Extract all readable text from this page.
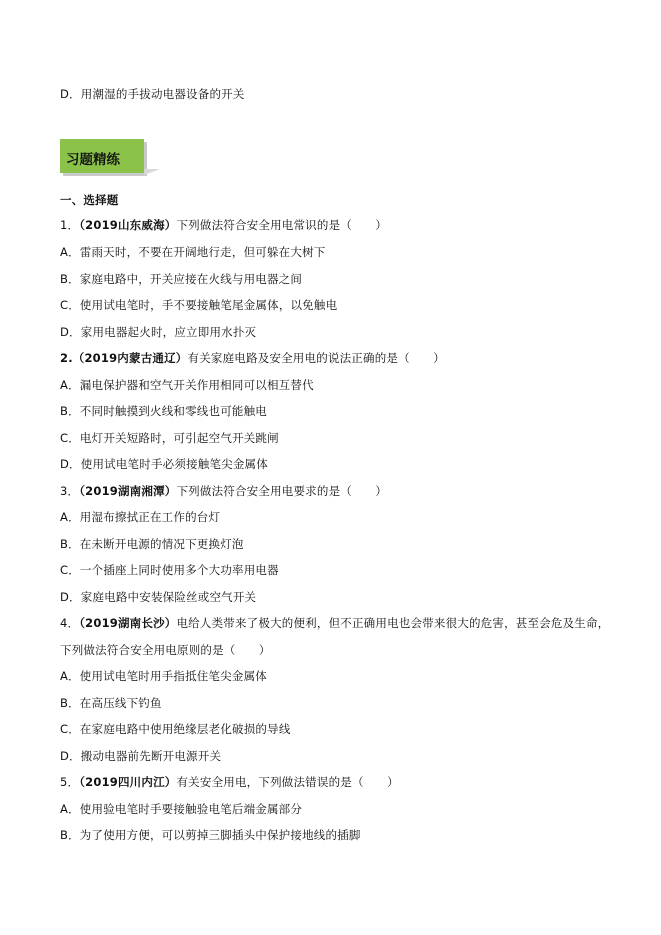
D．用潮湿的手拔动电器设备的开关
习题精练
一、选择题
1．（2019山东威海）下列做法符合安全用电常识的是（　　）
A．雷雨天时，不要在开阔地行走，但可躲在大树下
B．家庭电路中，开关应接在火线与用电器之间
C．使用试电笔时，手不要接触笔尾金属体，以免触电
D．家用电器起火时，应立即用水扑灭
2.（2019内蒙古通辽）有关家庭电路及安全用电的说法正确的是（　　）
A．漏电保护器和空气开关作用相同可以相互替代
B．不同时触摸到火线和零线也可能触电
C．电灯开关短路时，可引起空气开关跳闸
D．使用试电笔时手必须接触笔尖金属体
3．（2019湖南湘潭）下列做法符合安全用电要求的是（　　）
A．用湿布擦拭正在工作的台灯
B．在未断开电源的情况下更换灯泡
C．一个插座上同时使用多个大功率用电器
D．家庭电路中安装保险丝或空气开关
4．（2019湖南长沙）电给人类带来了极大的便利，但不正确用电也会带来很大的危害，甚至会危及生命，
下列做法符合安全用电原则的是（　　）
A．使用试电笔时用手指抵住笔尖金属体
B．在高压线下钓鱼
C．在家庭电路中使用绝缘层老化破损的导线
D．搬动电器前先断开电源开关
5．（2019四川内江）有关安全用电，下列做法错误的是（　　）
A．使用验电笔时手要接触验电笔后端金属部分
B．为了使用方便，可以剪掉三脚插头中保护接地线的插脚
